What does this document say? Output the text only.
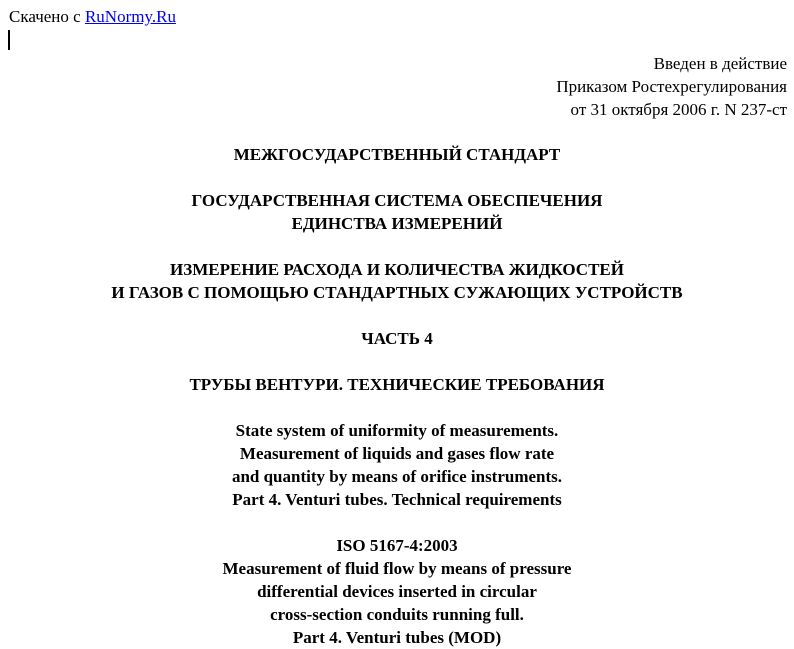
Скачено с RuNormy.Ru
Введен в действие
Приказом Ростехрегулирования
от 31 октября 2006 г. N 237-ст
МЕЖГОСУДАРСТВЕННЫЙ СТАНДАРТ
ГОСУДАРСТВЕННАЯ СИСТЕМА ОБЕСПЕЧЕНИЯ
ЕДИНСТВА ИЗМЕРЕНИЙ
ИЗМЕРЕНИЕ РАСХОДА И КОЛИЧЕСТВА ЖИДКОСТЕЙ
И ГАЗОВ С ПОМОЩЬЮ СТАНДАРТНЫХ СУЖАЮЩИХ УСТРОЙСТВ
ЧАСТЬ 4
ТРУБЫ ВЕНТУРИ. ТЕХНИЧЕСКИЕ ТРЕБОВАНИЯ
State system of uniformity of measurements.
Measurement of liquids and gases flow rate
and quantity by means of orifice instruments.
Part 4. Venturi tubes. Technical requirements
ISO 5167-4:2003
Measurement of fluid flow by means of pressure
differential devices inserted in circular
cross-section conduits running full.
Part 4. Venturi tubes (MOD)
